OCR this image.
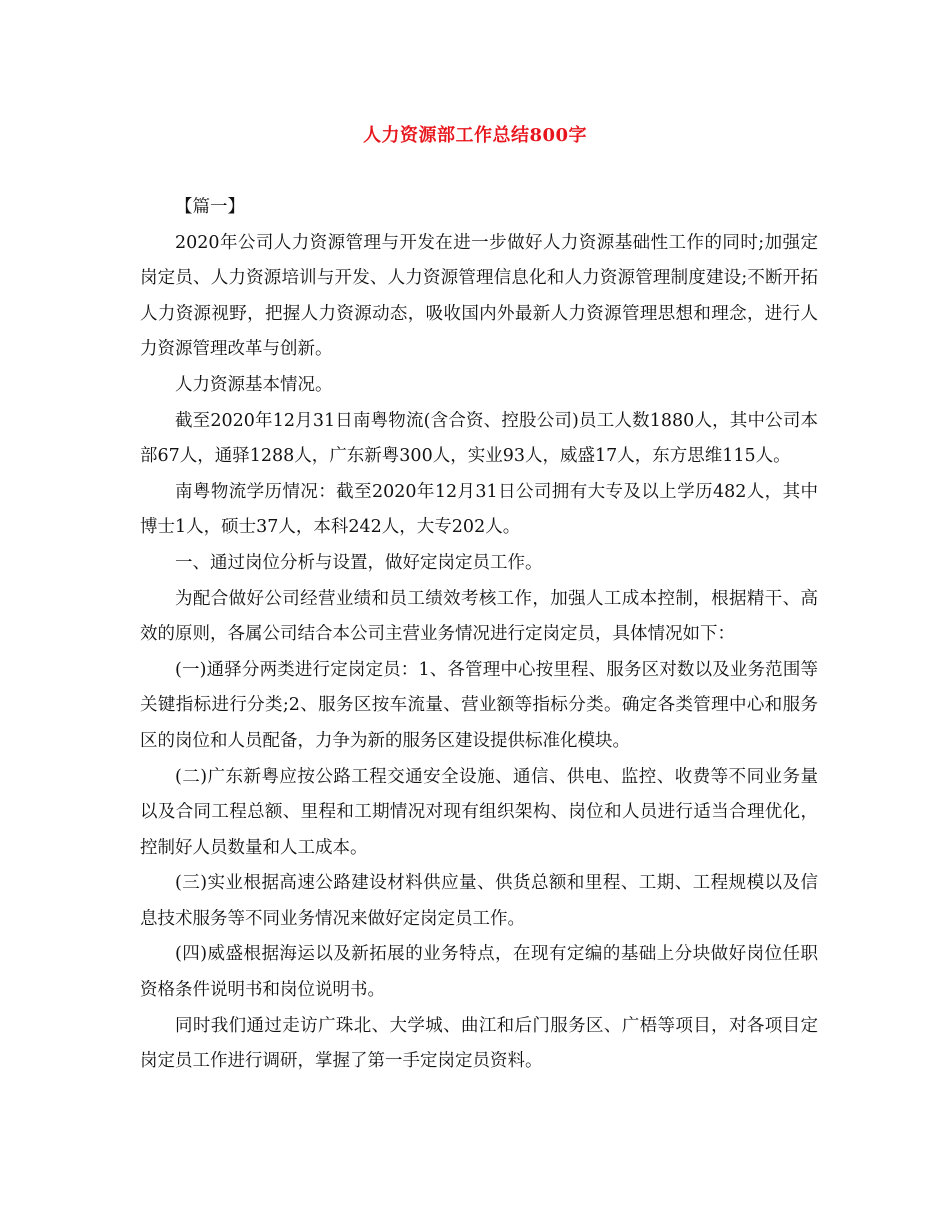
人力资源部工作总结800字

【篇一】

2020年公司人力资源管理与开发在进一步做好人力资源基础性工作的同时;加强定岗定员、人力资源培训与开发、人力资源管理信息化和人力资源管理制度建设;不断开拓人力资源视野，把握人力资源动态，吸收国内外最新人力资源管理思想和理念，进行人力资源管理改革与创新。

人力资源基本情况。

截至2020年12月31日南粤物流(含合资、控股公司)员工人数1880人，其中公司本部67人，通驿1288人，广东新粤300人，实业93人，威盛17人，东方思维115人。

南粤物流学历情况：截至2020年12月31日公司拥有大专及以上学历482人，其中博士1人，硕士37人，本科242人，大专202人。

一、通过岗位分析与设置，做好定岗定员工作。

为配合做好公司经营业绩和员工绩效考核工作，加强人工成本控制，根据精干、高效的原则，各属公司结合本公司主营业务情况进行定岗定员，具体情况如下：

(一)通驿分两类进行定岗定员：1、各管理中心按里程、服务区对数以及业务范围等关键指标进行分类;2、服务区按车流量、营业额等指标分类。确定各类管理中心和服务区的岗位和人员配备，力争为新的服务区建设提供标准化模块。

(二)广东新粤应按公路工程交通安全设施、通信、供电、监控、收费等不同业务量以及合同工程总额、里程和工期情况对现有组织架构、岗位和人员进行适当合理优化，控制好人员数量和人工成本。

(三)实业根据高速公路建设材料供应量、供货总额和里程、工期、工程规模以及信息技术服务等不同业务情况来做好定岗定员工作。

(四)威盛根据海运以及新拓展的业务特点，在现有定编的基础上分块做好岗位任职资格条件说明书和岗位说明书。

同时我们通过走访广珠北、大学城、曲江和后门服务区、广梧等项目，对各项目定岗定员工作进行调研，掌握了第一手定岗定员资料。
